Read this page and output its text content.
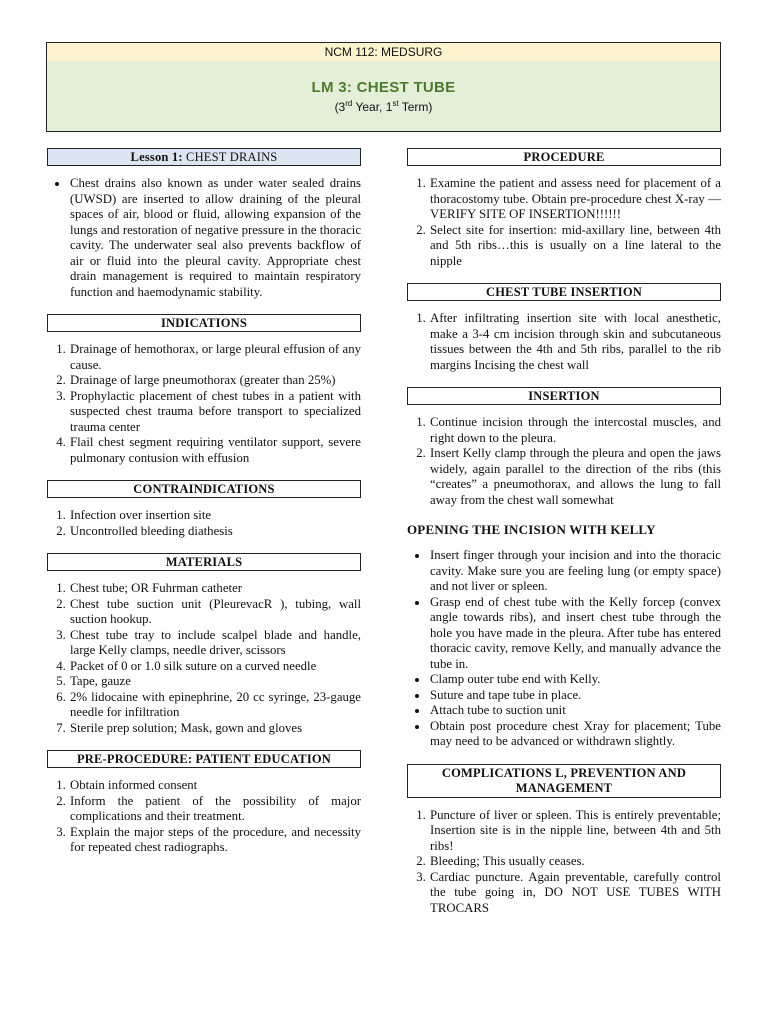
NCM 112: MEDSURG
LM 3: CHEST TUBE
(3rd Year, 1st Term)
Lesson 1: CHEST DRAINS
• Chest drains also known as under water sealed drains (UWSD) are inserted to allow draining of the pleural spaces of air, blood or fluid, allowing expansion of the lungs and restoration of negative pressure in the thoracic cavity. The underwater seal also prevents backflow of air or fluid into the pleural cavity. Appropriate chest drain management is required to maintain respiratory function and haemodynamic stability.
INDICATIONS
1. Drainage of hemothorax, or large pleural effusion of any cause.
2. Drainage of large pneumothorax (greater than 25%)
3. Prophylactic placement of chest tubes in a patient with suspected chest trauma before transport to specialized trauma center
4. Flail chest segment requiring ventilator support, severe pulmonary contusion with effusion
CONTRAINDICATIONS
1. Infection over insertion site
2. Uncontrolled bleeding diathesis
MATERIALS
1. Chest tube; OR Fuhrman catheter
2. Chest tube suction unit (PleurevacR ), tubing, wall suction hookup.
3. Chest tube tray to include scalpel blade and handle, large Kelly clamps, needle driver, scissors
4. Packet of 0 or 1.0 silk suture on a curved needle
5. Tape, gauze
6. 2% lidocaine with epinephrine, 20 cc syringe, 23-gauge needle for infiltration
7. Sterile prep solution; Mask, gown and gloves
PRE-PROCEDURE: PATIENT EDUCATION
1. Obtain informed consent
2. Inform the patient of the possibility of major complications and their treatment.
3. Explain the major steps of the procedure, and necessity for repeated chest radiographs.
PROCEDURE
1. Examine the patient and assess need for placement of a thoracostomy tube. Obtain pre-procedure chest X-ray — VERIFY SITE OF INSERTION!!!!!!
2. Select site for insertion: mid-axillary line, between 4th and 5th ribs…this is usually on a line lateral to the nipple
CHEST TUBE INSERTION
1. After infiltrating insertion site with local anesthetic, make a 3-4 cm incision through skin and subcutaneous tissues between the 4th and 5th ribs, parallel to the rib margins Incising the chest wall
INSERTION
1. Continue incision through the intercostal muscles, and right down to the pleura.
2. Insert Kelly clamp through the pleura and open the jaws widely, again parallel to the direction of the ribs (this “creates” a pneumothorax, and allows the lung to fall away from the chest wall somewhat
OPENING THE INCISION WITH KELLY
• Insert finger through your incision and into the thoracic cavity. Make sure you are feeling lung (or empty space) and not liver or spleen.
• Grasp end of chest tube with the Kelly forcep (convex angle towards ribs), and insert chest tube through the hole you have made in the pleura. After tube has entered thoracic cavity, remove Kelly, and manually advance the tube in.
• Clamp outer tube end with Kelly.
• Suture and tape tube in place.
• Attach tube to suction unit
• Obtain post procedure chest Xray for placement; Tube may need to be advanced or withdrawn slightly.
COMPLICATIONS L, PREVENTION AND MANAGEMENT
1. Puncture of liver or spleen. This is entirely preventable; Insertion site is in the nipple line, between 4th and 5th ribs!
2. Bleeding; This usually ceases.
3. Cardiac puncture. Again preventable, carefully control the tube going in, DO NOT USE TUBES WITH TROCARS
